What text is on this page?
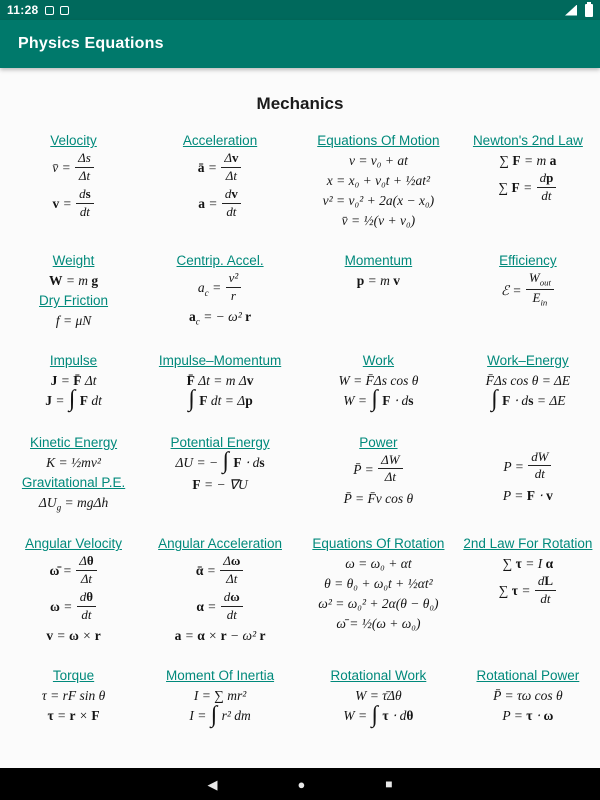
11:28
Physics Equations
Mechanics
Velocity
v̄ = $\frac{\Delta s}{\Delta t}$
$v = \frac{ds}{dt}$
Acceleration
ā = $\frac{\Delta v}{\Delta t}$
$a = \frac{dv}{dt}$
Equations Of Motion
v = v₀ + at
x = x₀ + v₀t + ½at²
v² = v₀² + 2a(x − x₀)
v̄ = ½(v + v₀)
Newton's 2nd Law
∑ F = m a
∑ $F = \frac{dp}{dt}$
Weight
W = m g
Dry Friction
f = μN
Centrip. Accel.
$a_c = \frac{\text{v²}}{r}$
$a_c$ = − ω² r
Momentum
p = m v
Efficiency
ℰ = $\frac{W_{out}}{E_{in}}$
Impulse
J = F̄ Δt
J = ∫ F dt
Impulse–Momentum
F̄ Δt = m Δv
∫ F dt = Δp
Work
W = F̄Δs cos θ
W = ∫ F ⋅ ds
Work–Energy
F̄Δs cos θ = ΔE
∫ F ⋅ ds = ΔE
Kinetic Energy
K = ½mv²
Gravitational P.E.
$\Delta U_g = mg\Delta h$
Potential Energy
ΔU = − ∫ F ⋅ ds
F = − ∇U
Power
P̄ = $\frac{\Delta W}{\Delta t}$
P̄ = F̄v cos θ
$P = \frac{dW}{dt}$
P = F ⋅ v
Angular Velocity
ω̄ = $\frac{\Delta\theta}{\Delta t}$
$\omega = \frac{d\theta}{dt}$
v = ω × r
Angular Acceleration
ᾱ = $\frac{\Delta\omega}{\Delta t}$
$\alpha = \frac{d\omega}{dt}$
a = α × r − ω² r
Equations Of Rotation
ω = ω₀ + αt
θ = θ₀ + ω₀t + ½αt²
ω² = ω₀² + 2α(θ − θ₀)
ω̄ = ½(ω + ω₀)
2nd Law For Rotation
∑ τ = I α
∑ $\tau = \frac{dL}{dt}$
Torque
τ = rF sin θ
τ = r × F
Moment Of Inertia
I = ∑ mr²
I = ∫ r² dm
Rotational Work
W = τ̄Δθ
W = ∫ τ ⋅ dθ
Rotational Power
P̄ = τω cos θ
P = τ ⋅ ω
◀	●	■
